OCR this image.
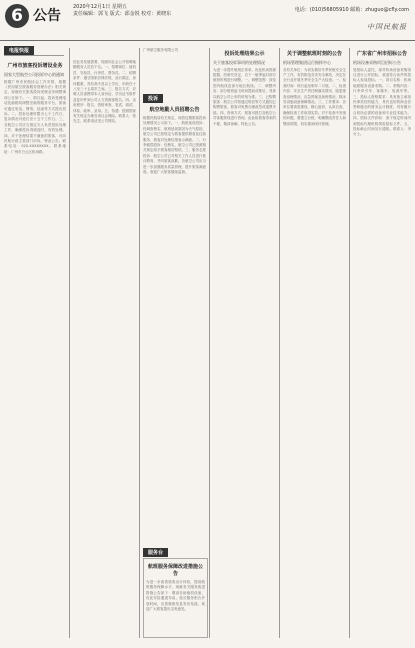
6 公告
2020年12月1日 星期五
责任编辑：郭飞 版式：邱金锐 校对：黄晓东
电话：(010)56805910 邮箱：zhuguo@cfly.com
中国民航报
电报快报
广州市旅客投诉增设业务
国家大型航空公司投诉中心的通知
根据广州市民航协会工作安排，根据《民用航空旅客服务管理办法》相关规定，现就有关旅客投诉受理业务调整事项公告如下。一、即日起，投诉受理电话及邮箱均调整至新的服务平台，旅客可通过电话、网络、信函等方式提出投诉。二、投诉处理时限为七个工作日，复杂情况可延长至十五个工作日。三、各航空公司应当指定专人负责投诉处理工作，确保投诉得到及时、有效处理。四、对于处理结果不满意的旅客，可向民航行政主管部门申诉。特此公告。联系电话：020-XXXXXXXX。联系地址：广州市白云区机场路。
因业务发展需要，现面向社会公开招聘地勤服务人员若干名。一、招聘岗位：值机员、安检员、行李员、票务员。二、招聘条件：遵守国家法律法规，品行端正，身体健康，具有高中及以上学历，年龄在十八至三十五周岁之间。三、报名方式：应聘人员请携带本人身份证、学历证书原件及复印件到公司人力资源部报名。四、录用程序：报名、资格审查、笔试、面试、体检、政审、录用。五、待遇：按照国家有关规定办理各项社会保险。联系人：张先生，联系电话见公司网站。
广州航空服务有限公司
投诉
航空地勤人员招聘公告
根据民航局有关规定，现将近期旅客投诉处理情况公示如下。一、航班延误投诉：经调查核实，航班延误原因为天气原因，航空公司已按规定为旅客提供餐食及住宿服务，旅客对处理结果表示满意。二、行李破损投诉：经核实，航空公司已按照相关规定给予旅客相应赔偿。三、服务态度投诉：航空公司已对相关工作人员进行批评教育，并向旅客致歉。各航空公司应当进一步加强服务质量管理，提升旅客满意度。欢迎广大旅客继续监督。
投诉处理结果公示
关于旅客投诉事项的处理情况
为进一步提升航班正常率，优化机场资源配置，经研究决定，自下一航季起对部分航班时刻进行调整。一、调整范围：涉及国内航线及部分地区航线。二、调整内容：部分航班起飞时间提前或推后，具体以航空公司公布的时刻为准。三、已购票旅客：航空公司将通过短信等方式通知已购票旅客，旅客可免费办理改签或退票手续。四、咨询方式：旅客可拨打各航空公司客服热线进行咨询。由此给旅客带来的不便，敬请谅解。特此公告。
关于调整航班时刻的公告
机场管理集团运行指挥中心
各有关单位：为切实做好冬季民航安全生产工作，有效防范各类安全事故，决定在全行业开展冬季安全生产大检查。一、检查时间：即日起至明年二月底。二、检查内容：安全生产责任制落实情况、隐患排查治理情况、应急预案及演练情况、除冰雪设施设备保障情况。三、工作要求：各单位要高度重视，精心组织，认真自查，确保检查工作取得实效。对于检查中发现的问题，要建立台账，明确整改责任人和整改时限，切实做到闭环管理。
广东省广州市招标公告
机场设备采购项目招标公告
受招标人委托，现对机场设备采购项目进行公开招标，欢迎符合条件的投标人参加投标。一、项目名称：机场地面服务设备采购。二、采购内容：行李牵引车、客梯车、电源车等。三、投标人资格要求：具有独立承担民事责任的能力，具有良好的商业信誉和健全的财务会计制度，具有履行合同所必需的设备和专业技术能力。四、招标文件获取：请于规定时间内到招标代理机构领取招标文件。五、投标截止时间另行通知。联系人：李女士。
服务台
航班服务保障改进措施公告
为进一步改善旅客出行体验，提高航班服务保障水平，现就有关服务改进措施公告如下：增设自助值机设备，优化安检通道布局，延长服务柜台开放时间，完善航班信息发布渠道。欢迎广大旅客提出宝贵意见。
